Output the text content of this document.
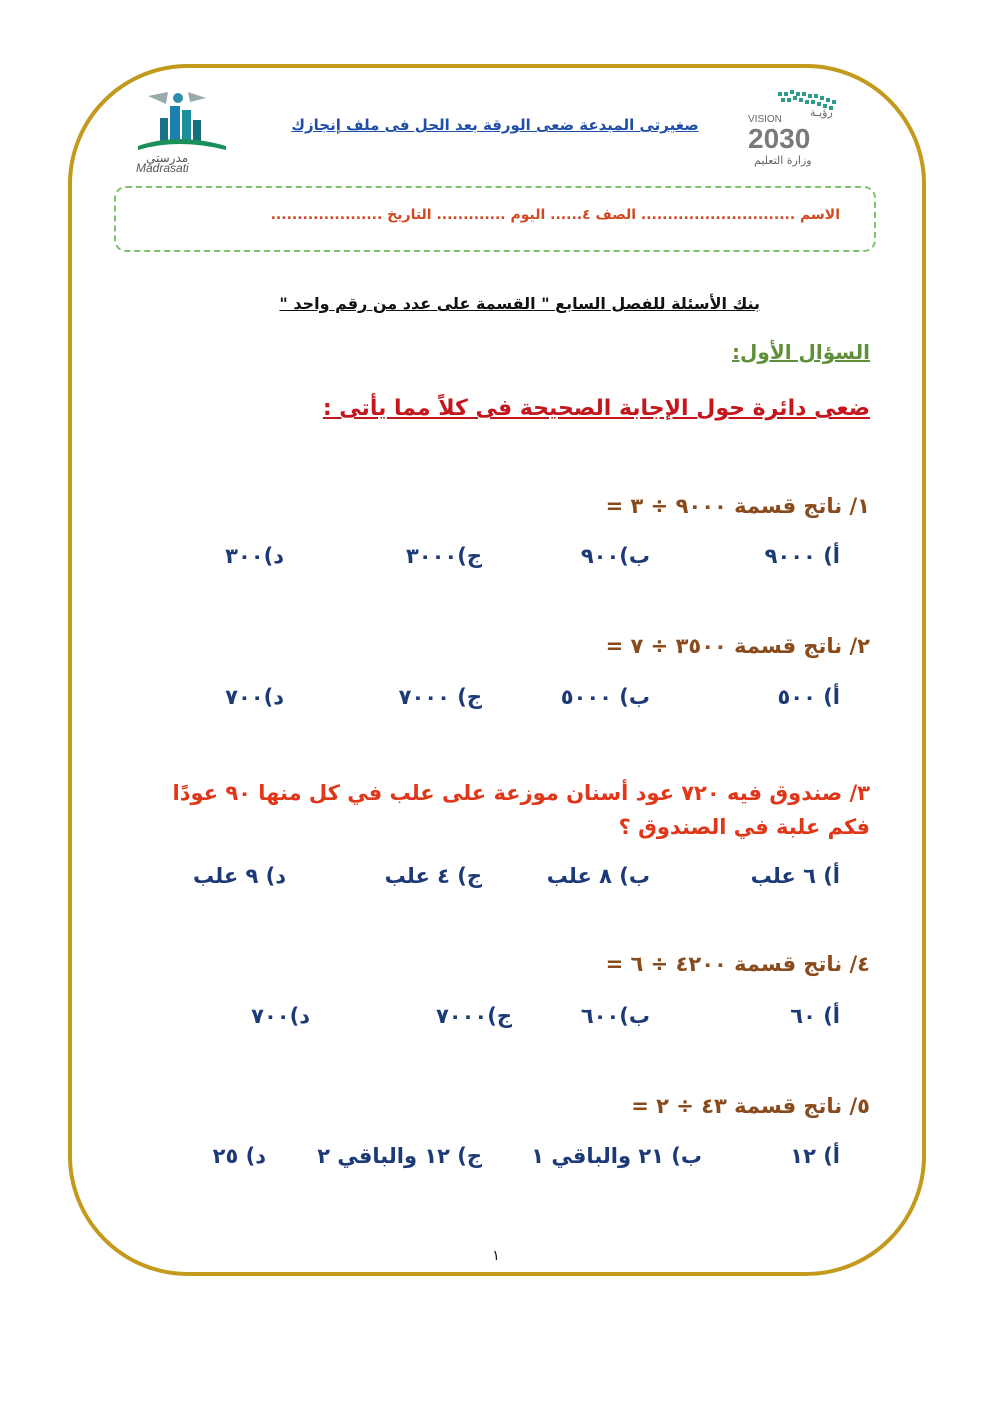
VISION
رؤيـة
2030
وزارة التعليم
مدرستي
Madrasati
صغيرتى المبدعة ضعى الورقة بعد الحل فى ملف إنجازك
الاسم ............................. الصف ٤...... اليوم ............. التاريخ .....................
بنك الأسئلة للفصل السابع " القسمة على عدد من رقم واحد "
السؤال الأول:
ضعى دائرة حول الإجابة الصحيحة فى كلاً مما يأتى :
١/ ناتج قسمة ٩٠٠٠ ÷ ٣ =
أ) ٩٠٠٠
ب)٩٠٠
ج)٣٠٠٠
د)٣٠٠
٢/ ناتج قسمة ٣٥٠٠ ÷ ٧ =
أ) ٥٠٠
ب) ٥٠٠٠
ج) ٧٠٠٠
د)٧٠٠
٣/ صندوق فيه ٧٢٠ عود أسنان موزعة على علب في كل منها ٩٠ عودًا فكم علبة في الصندوق ؟
أ) ٦ علب
ب) ٨ علب
ج) ٤ علب
د) ٩ علب
٤/ ناتج قسمة ٤٢٠٠ ÷ ٦ =
أ) ٦٠
ب)٦٠٠
ج)٧٠٠٠
د)٧٠٠
٥/ ناتج قسمة ٤٣ ÷ ٢ =
أ) ١٢
ب) ٢١ والباقي ١
ج) ١٢ والباقي ٢
د) ٢٥
١
